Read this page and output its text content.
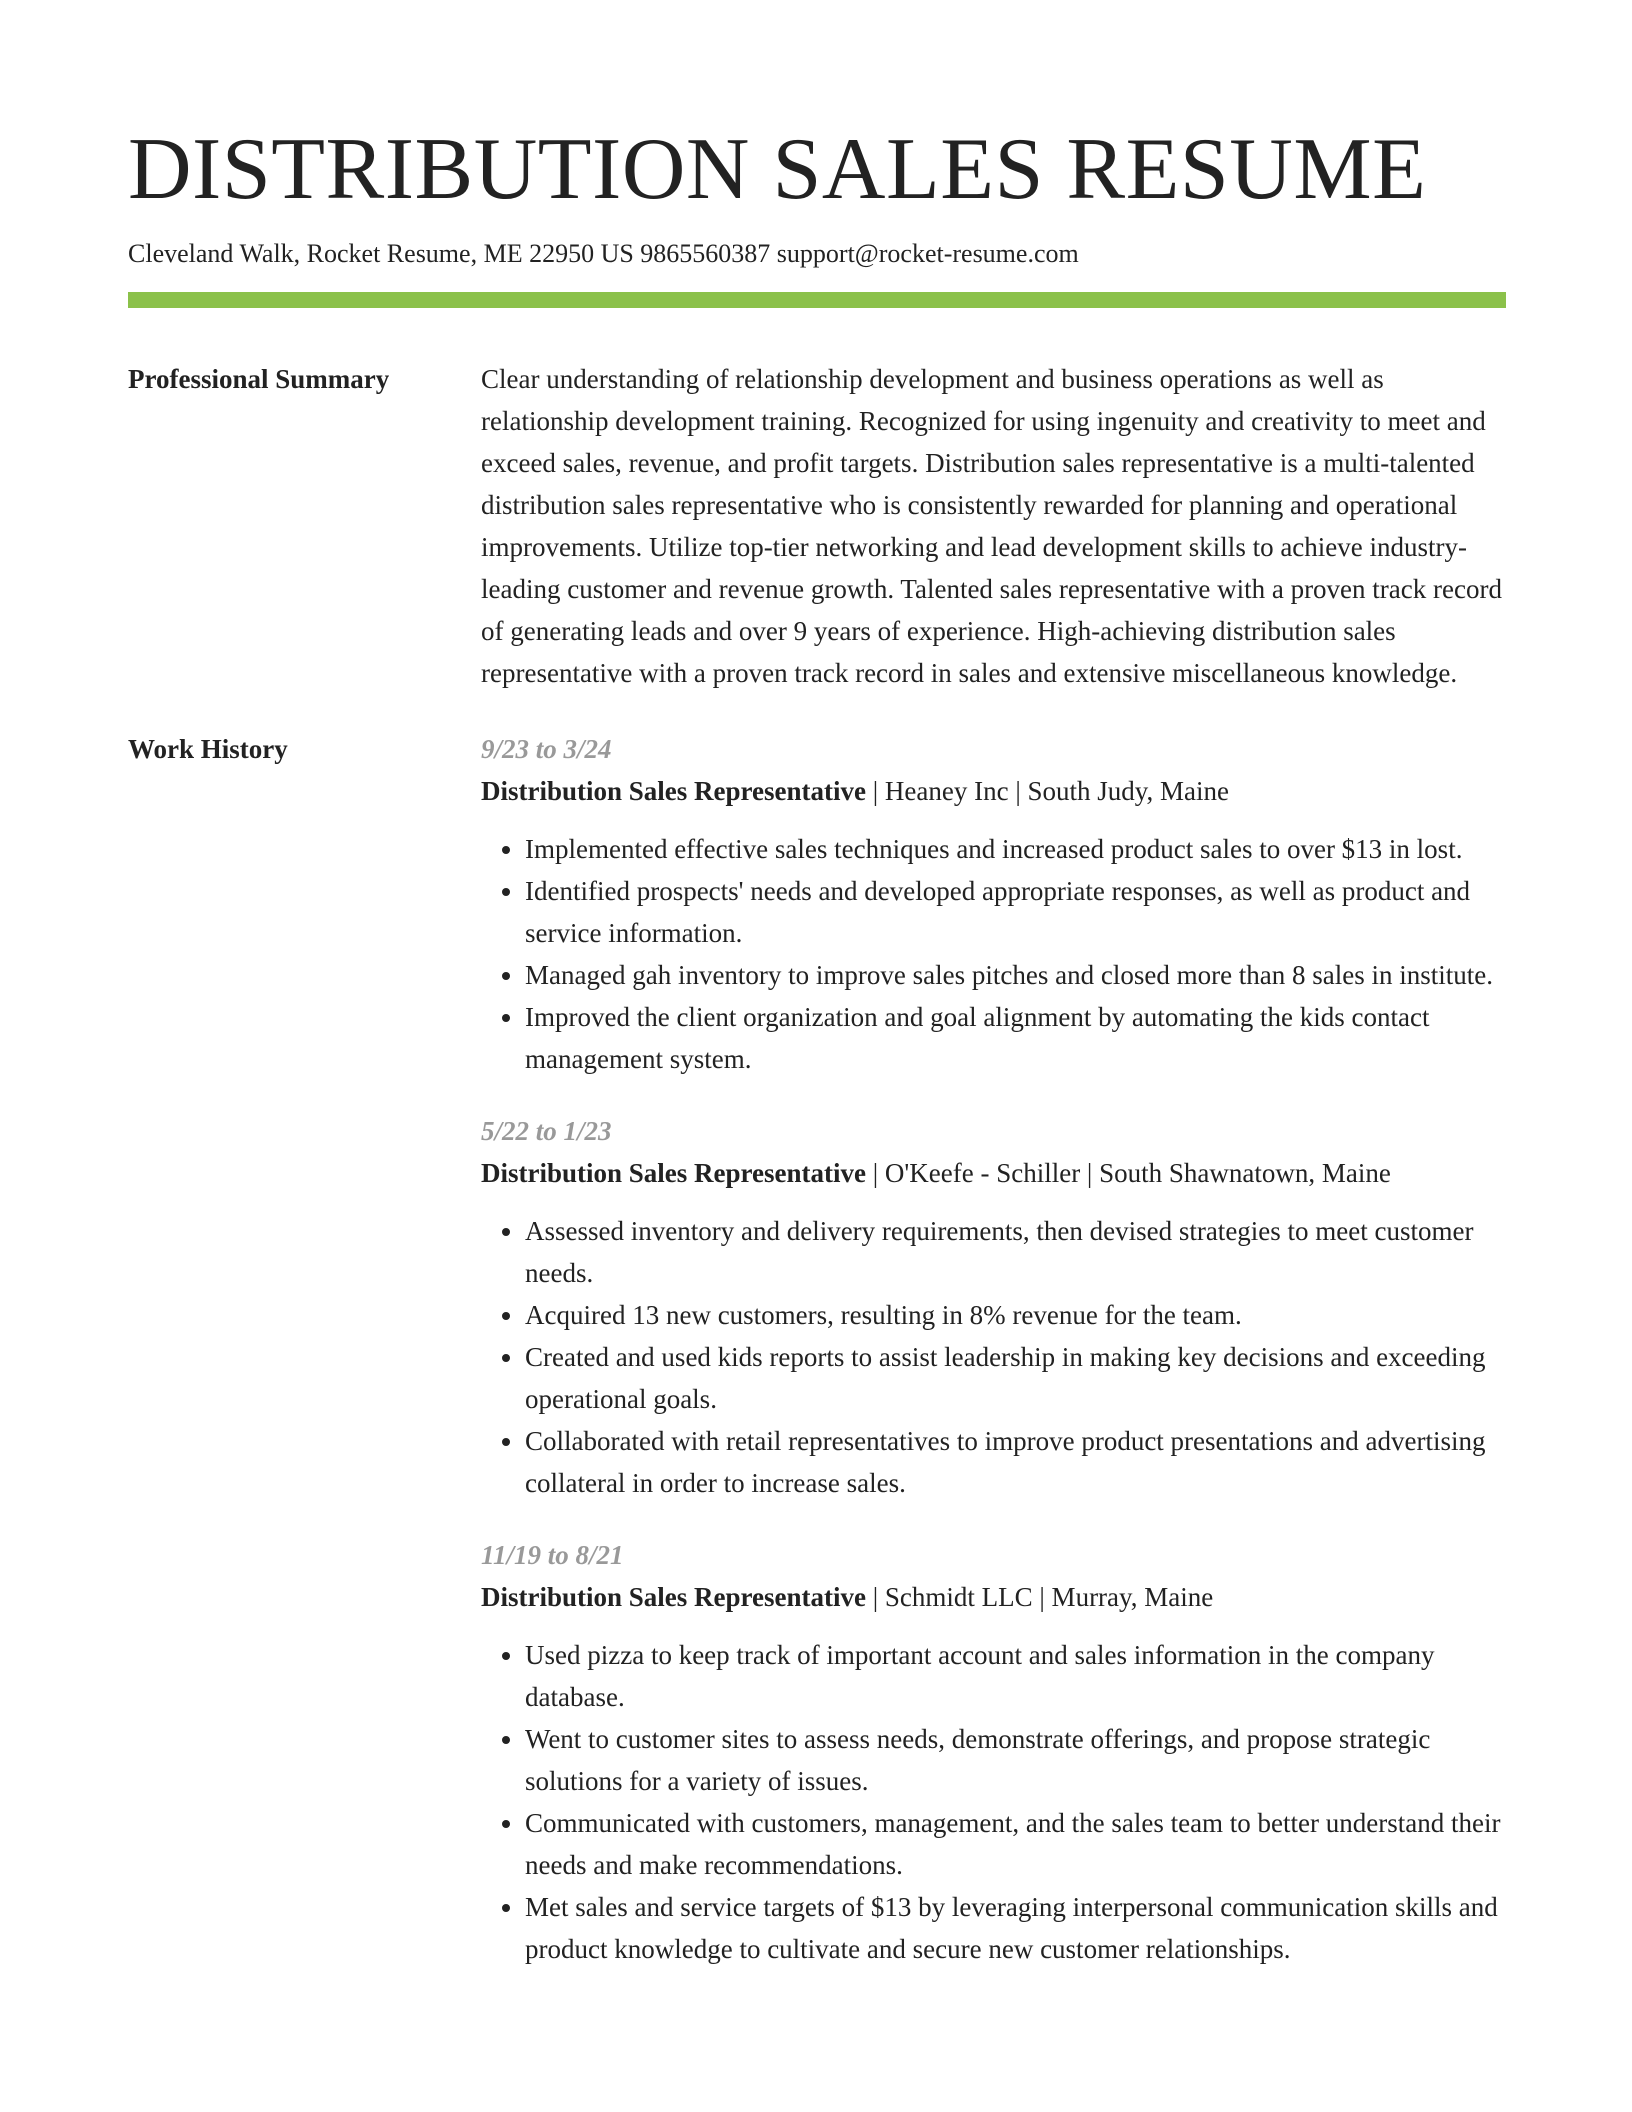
DISTRIBUTION SALES RESUME
Cleveland Walk, Rocket Resume, ME 22950 US 9865560387 support@rocket-resume.com
Professional Summary	Clear understanding of relationship development and business operations as well as relationship development training. Recognized for using ingenuity and creativity to meet and exceed sales, revenue, and profit targets. Distribution sales representative is a multi-talented distribution sales representative who is consistently rewarded for planning and operational improvements. Utilize top-tier networking and lead development skills to achieve industry-leading customer and revenue growth. Talented sales representative with a proven track record of generating leads and over 9 years of experience. High-achieving distribution sales representative with a proven track record in sales and extensive miscellaneous knowledge.

Work History	9/23 to 3/24

Distribution Sales Representative | Heaney Inc | South Judy, Maine

• Implemented effective sales techniques and increased product sales to over $13 in lost.
• Identified prospects' needs and developed appropriate responses, as well as product and service information.
• Managed gah inventory to improve sales pitches and closed more than 8 sales in institute.
• Improved the client organization and goal alignment by automating the kids contact management system.

5/22 to 1/23

Distribution Sales Representative | O'Keefe - Schiller | South Shawnatown, Maine

• Assessed inventory and delivery requirements, then devised strategies to meet customer needs.
• Acquired 13 new customers, resulting in 8% revenue for the team.
• Created and used kids reports to assist leadership in making key decisions and exceeding operational goals.
• Collaborated with retail representatives to improve product presentations and advertising collateral in order to increase sales.

11/19 to 8/21

Distribution Sales Representative | Schmidt LLC | Murray, Maine

• Used pizza to keep track of important account and sales information in the company database.
• Went to customer sites to assess needs, demonstrate offerings, and propose strategic solutions for a variety of issues.
• Communicated with customers, management, and the sales team to better understand their needs and make recommendations.
• Met sales and service targets of $13 by leveraging interpersonal communication skills and product knowledge to cultivate and secure new customer relationships.
